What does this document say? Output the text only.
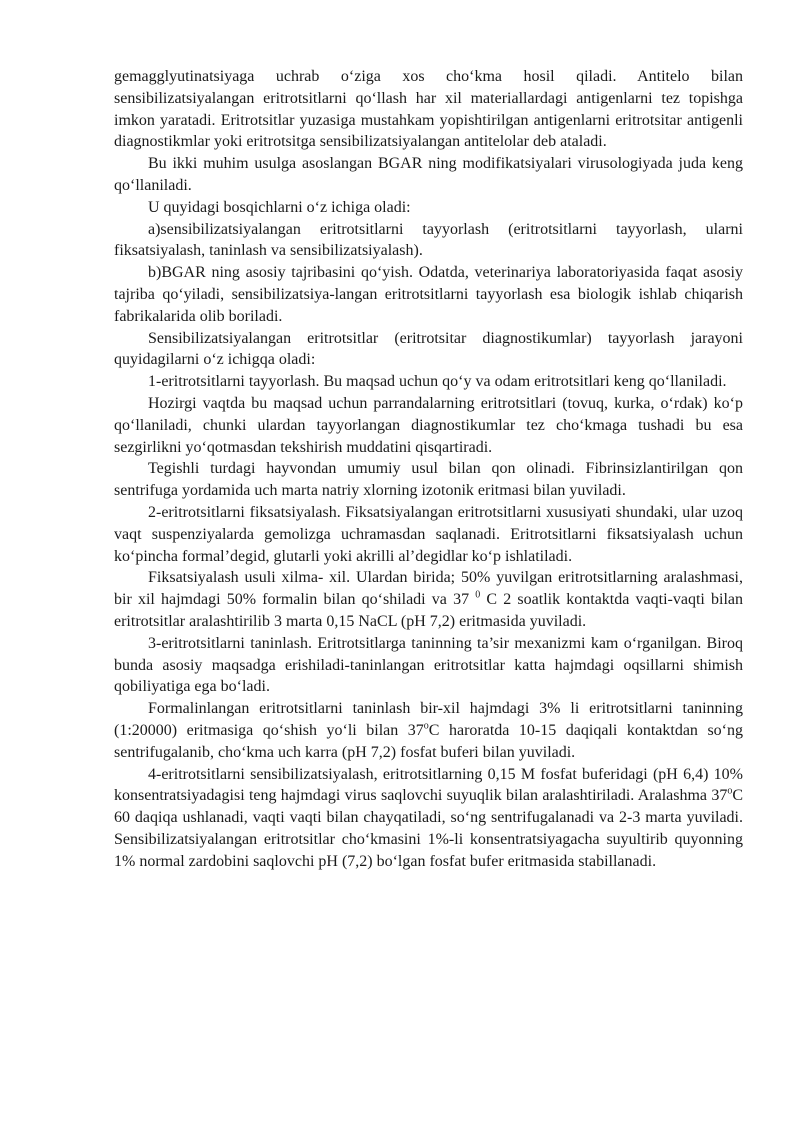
gemagglyutinatsiyaga uchrab o‘ziga xos cho‘kma hosil qiladi. Antitelo bilan sensibilizatsiyalangan eritrotsitlarni qo‘llash har xil materiallardagi antigenlarni tez topishga imkon yaratadi. Eritrotsitlar yuzasiga mustahkam yopishtirilgan antigenlarni eritrotsitar antigenli diagnostikmlar yoki eritrotsitga sensibilizatsiyalangan antitelolar deb ataladi.

Bu ikki muhim usulga asoslangan BGAR ning modifikatsiyalari virusologiyada juda keng qo‘llaniladi.

U quyidagi bosqichlarni o‘z ichiga oladi:

a)sensibilizatsiyalangan eritrotsitlarni tayyorlash (eritrotsitlarni tayyorlash, ularni fiksatsiyalash, taninlash va sensibilizatsiyalash).

b)BGAR ning asosiy tajribasini qo‘yish. Odatda, veterinariya laboratoriyasida faqat asosiy tajriba qo‘yiladi, sensibilizatsiya-langan eritrotsitlarni tayyorlash esa biologik ishlab chiqarish fabrikalarida olib boriladi.

Sensibilizatsiyalangan eritrotsitlar (eritrotsitar diagnostikumlar) tayyorlash jarayoni quyidagilarni o‘z ichigqa oladi:

1-eritrotsitlarni tayyorlash. Bu maqsad uchun qo‘y va odam eritrotsitlari keng qo‘llaniladi.

Hozirgi vaqtda bu maqsad uchun parrandalarning eritrotsitlari (tovuq, kurka, o‘rdak) ko‘p qo‘llaniladi, chunki ulardan tayyorlangan diagnostikumlar tez cho‘kmaga tushadi bu esa sezgirlikni yo‘qotmasdan tekshirish muddatini qisqartiradi.

Tegishli turdagi hayvondan umumiy usul bilan qon olinadi. Fibrinsizlantirilgan qon sentrifuga yordamida uch marta natriy xlorning izotonik eritmasi bilan yuviladi.

2-eritrotsitlarni fiksatsiyalash. Fiksatsiyalangan eritrotsitlarni xususiyati shundaki, ular uzoq vaqt suspenziyalarda gemolizga uchramasdan saqlanadi. Eritrotsitlarni fiksatsiyalash uchun ko‘pincha formal’degid, glutarli yoki akrilli al’degidlar ko‘p ishlatiladi.

Fiksatsiyalash usuli xilma- xil. Ulardan birida; 50% yuvilgan eritrotsitlarning aralashmasi, bir xil hajmdagi 50% formalin bilan qo‘shiladi va 37 $^0$ C 2 soatlik kontaktda vaqti-vaqti bilan eritrotsitlar aralashtirilib 3 marta 0,15 NaCL (pH 7,2) eritmasida yuviladi.

3-eritrotsitlarni taninlash. Eritrotsitlarga taninning ta’sir mexanizmi kam o‘rganilgan. Biroq bunda asosiy maqsadga erishiladi-taninlangan eritrotsitlar katta hajmdagi oqsillarni shimish qobiliyatiga ega bo‘ladi.

Formalinlangan eritrotsitlarni taninlash bir-xil hajmdagi 3% li eritrotsitlarni taninning (1:20000) eritmasiga qo‘shish yo‘li bilan 37$^o$C haroratda 10-15 daqiqali kontaktdan so‘ng sentrifugalanib, cho‘kma uch karra (pH 7,2) fosfat buferi bilan yuviladi.

4-eritrotsitlarni sensibilizatsiyalash, eritrotsitlarning 0,15 M fosfat buferidagi (pH 6,4) 10% konsentratsiyadagisi teng hajmdagi virus saqlovchi suyuqlik bilan aralashtiriladi. Aralashma 37$^o$C 60 daqiqa ushlanadi, vaqti vaqti bilan chayqatiladi, so‘ng sentrifugalanadi va 2-3 marta yuviladi. Sensibilizatsiyalangan eritrotsitlar cho‘kmasini 1%-li konsentratsiyagacha suyultirib quyonning 1% normal zardobini saqlovchi pH (7,2) bo‘lgan fosfat bufer eritmasida stabillanadi.
